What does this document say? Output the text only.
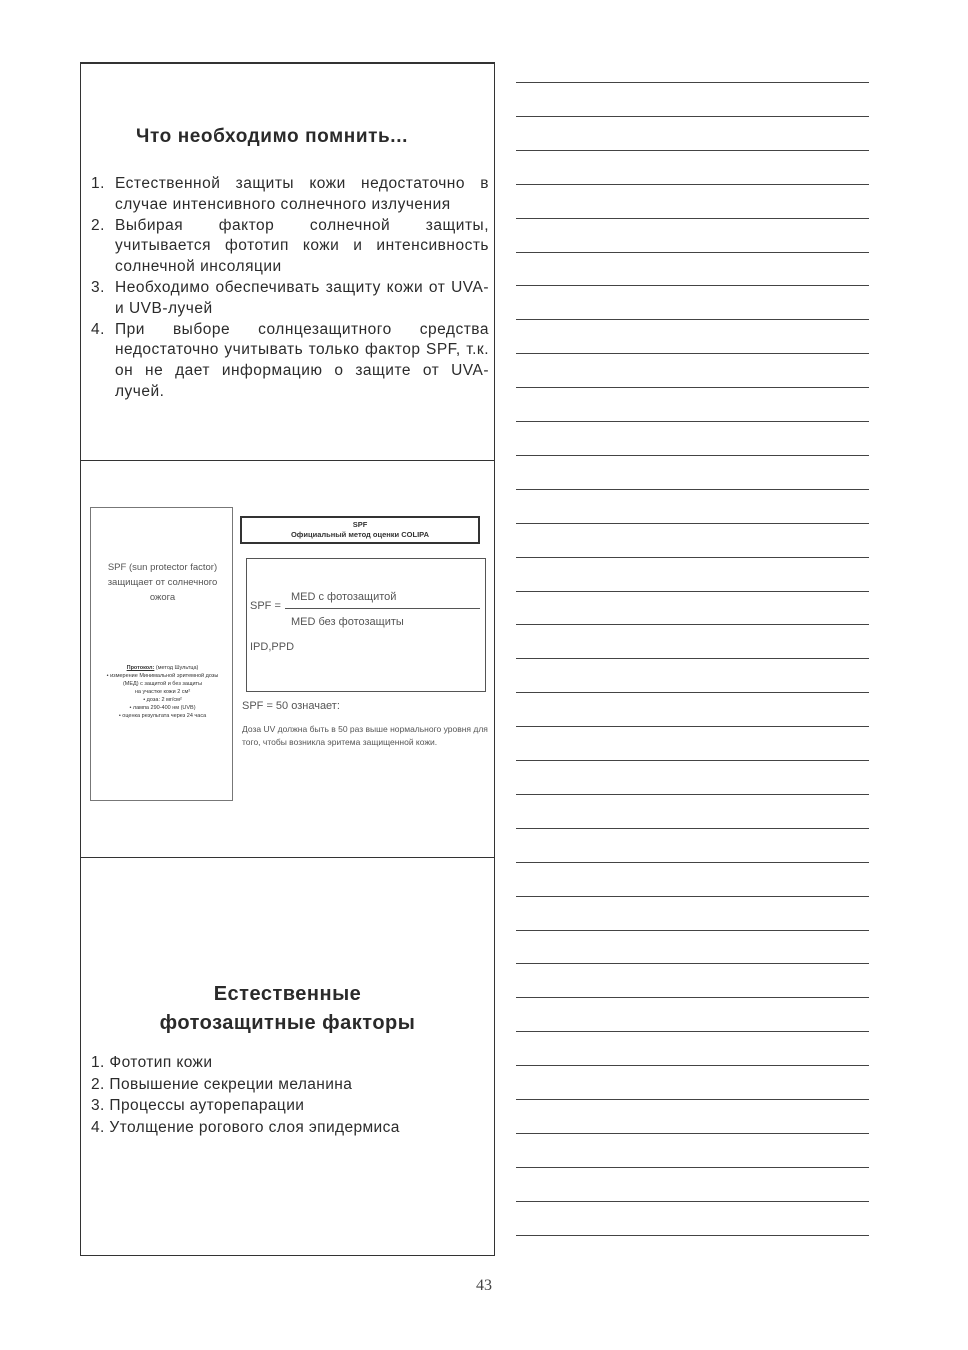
Что необходимо помнить...
1. Естественной защиты кожи недостаточно в случае интенсивного солнечного излучения
2. Выбирая фактор солнечной защиты, учитывается фототип кожи и интенсивность солнечной инсоляции
3. Необходимо обеспечивать защиту кожи от UVA-и UVB-лучей
4. При выборе солнцезащитного средства недостаточно учитывать только фактор SPF, т.к. он не дает информацию о защите от UVA-лучей.
SPF (sun protector factor) защищает от солнечного ожога
Протокол: (метод Шультца)
• измерение Минимальной эритемной дозы
(МЕД) с защитой и без защиты
на участке кожи 2 см²
• доза: 2 мг/см²
• лампа 290-400 нм (UVB)
• оценка результата через 24 часа
SPF
Официальный метод оценки COLIPA
SPF =
MED с фотозащитой
MED без фотозащиты
IPD,PPD
SPF = 50 означает:
Доза UV должна быть в 50 раз выше нормального уровня для того, чтобы возникла эритема защищенной кожи.
Естественные
фотозащитные факторы
1. Фототип кожи
2. Повышение секреции меланина
3. Процессы ауторепарации
4. Утолщение рогового слоя эпидермиса
43
